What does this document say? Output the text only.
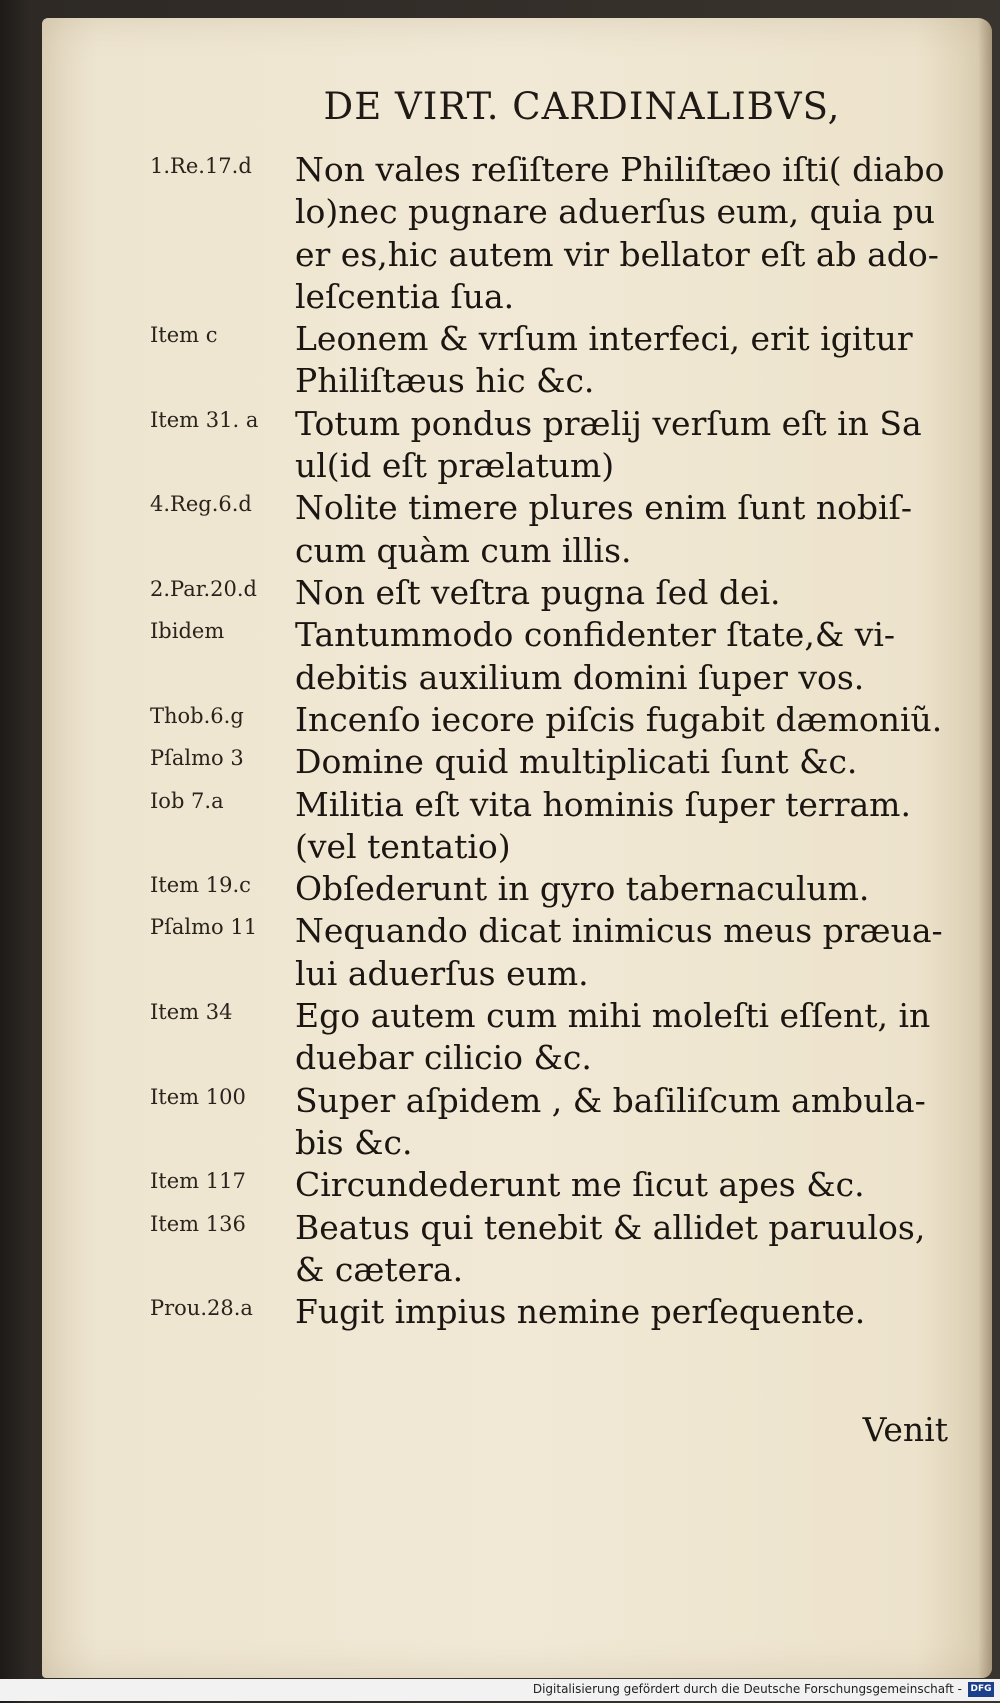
DE VIRT. CARDINALIBVS,
1.Re.17.d Non vales reſiſtere Philiſtæo iſti( diabo
lo)nec pugnare aduerſus eum, quia pu
er es,hic autem vir bellator eſt ab ado-
leſcentia ſua.
Item c Leonem & vrſum interfeci, erit igitur
Philiſtæus hic &c.
Item 31. a Totum pondus prælij verſum eſt in Sa
ul(id eſt prælatum)
4.Reg.6.d Nolite timere plures enim ſunt nobiſ-
cum quàm cum illis.
2.Par.20.d Non eſt veſtra pugna ſed dei.
Ibidem Tantummodo confidenter ſtate,& vi-
debitis auxilium domini ſuper vos.
Thob.6.g Incenſo iecore piſcis fugabit dæmoniũ.
Pſalmo 3 Domine quid multiplicati ſunt &c.
Iob 7.a Militia eſt vita hominis ſuper terram.
(vel tentatio)
Item 19.c Obſederunt in gyro tabernaculum.
Pſalmo 11 Nequando dicat inimicus meus præua-
lui aduerſus eum.
Item 34 Ego autem cum mihi moleſti eſſent, in
duebar cilicio &c.
Item 100 Super aſpidem , & baſiliſcum ambula-
bis &c.
Item 117 Circundederunt me ſicut apes &c.
Item 136 Beatus qui tenebit & allidet paruulos,
& cætera.
Prou.28.a Fugit impius nemine perſequente.
Venit
Digitalisierung gefördert durch die Deutsche Forschungsgemeinschaft - DFG
